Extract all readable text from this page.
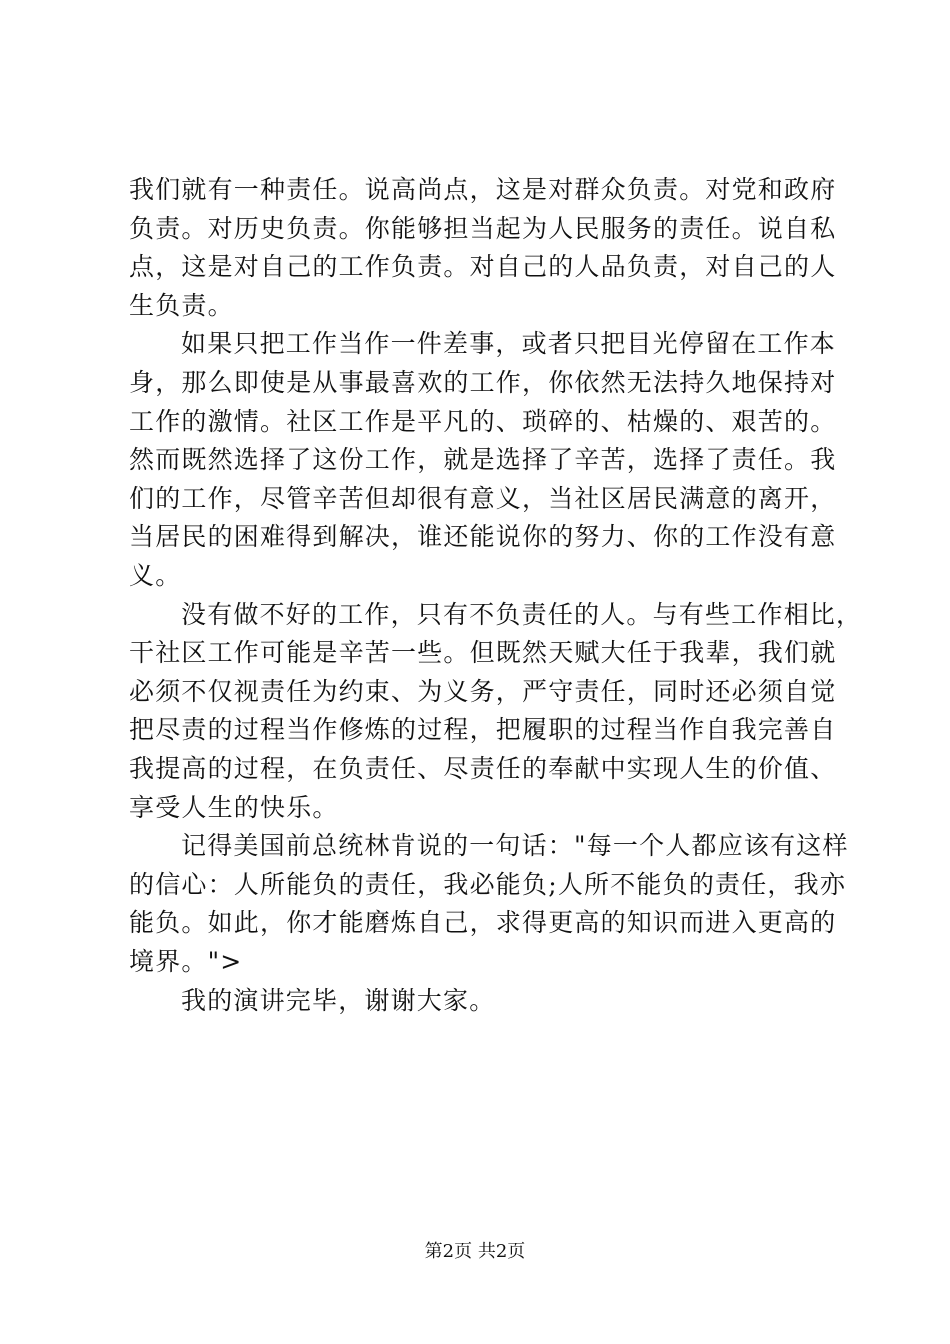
我们就有一种责任。说高尚点，这是对群众负责。对党和政府
负责。对历史负责。你能够担当起为人民服务的责任。说自私
点，这是对自己的工作负责。对自己的人品负责，对自己的人
生负责。
如果只把工作当作一件差事，或者只把目光停留在工作本
身，那么即使是从事最喜欢的工作，你依然无法持久地保持对
工作的激情。社区工作是平凡的、琐碎的、枯燥的、艰苦的。
然而既然选择了这份工作，就是选择了辛苦，选择了责任。我
们的工作，尽管辛苦但却很有意义，当社区居民满意的离开，
当居民的困难得到解决，谁还能说你的努力、你的工作没有意
义。
没有做不好的工作，只有不负责任的人。与有些工作相比，
干社区工作可能是辛苦一些。但既然天赋大任于我辈，我们就
必须不仅视责任为约束、为义务，严守责任，同时还必须自觉
把尽责的过程当作修炼的过程，把履职的过程当作自我完善自
我提高的过程，在负责任、尽责任的奉献中实现人生的价值、
享受人生的快乐。
记得美国前总统林肯说的一句话："每一个人都应该有这样
的信心：人所能负的责任，我必能负;人所不能负的责任，我亦
能负。如此，你才能磨炼自己，求得更高的知识而进入更高的
境界。">
我的演讲完毕，谢谢大家。
第2页 共2页
